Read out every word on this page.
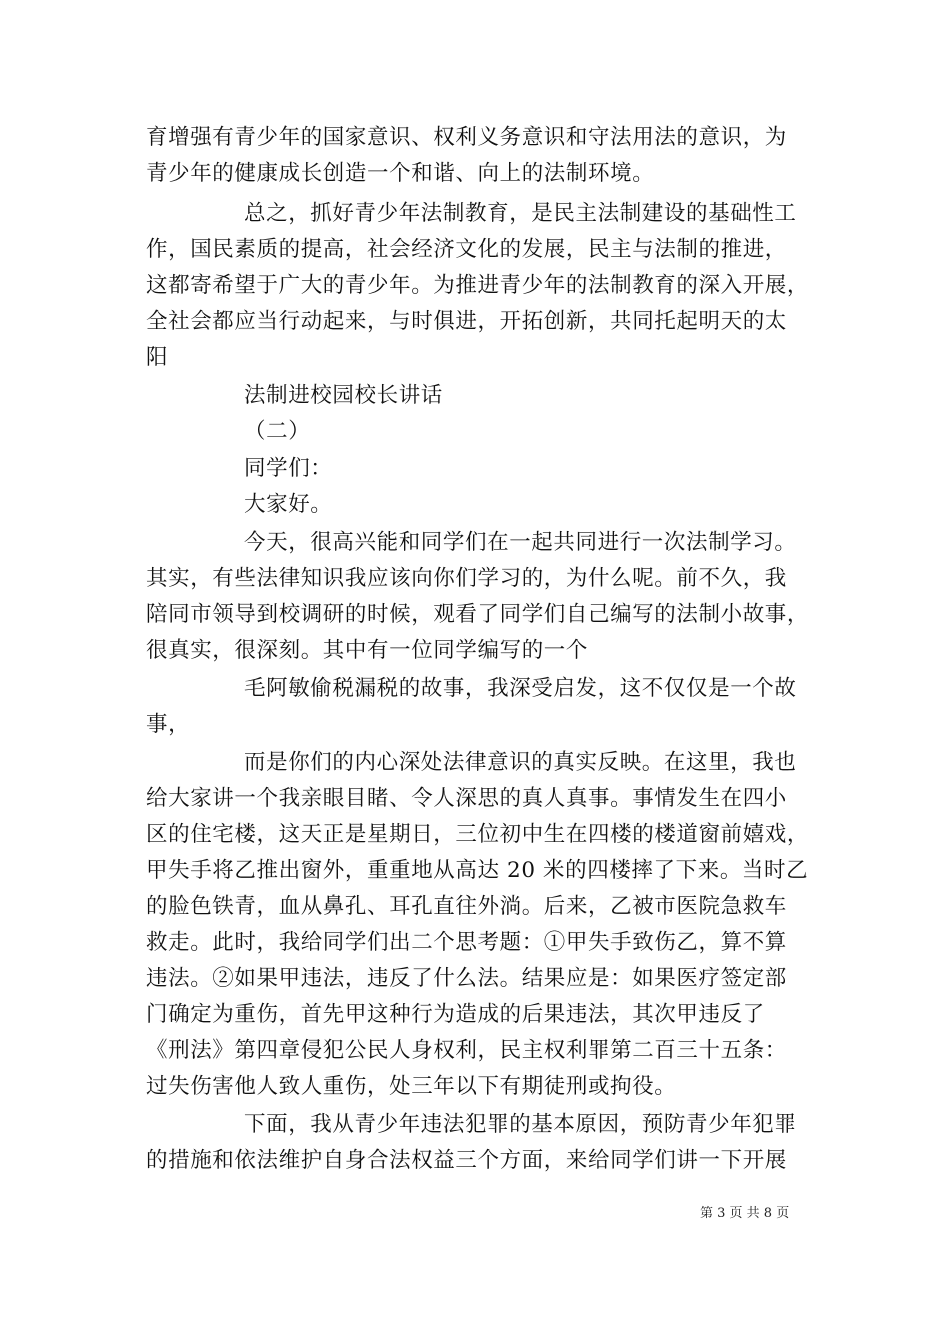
育增强有青少年的国家意识、权利义务意识和守法用法的意识，为
青少年的健康成长创造一个和谐、向上的法制环境。
总之，抓好青少年法制教育，是民主法制建设的基础性工
作，国民素质的提高，社会经济文化的发展，民主与法制的推进，
这都寄希望于广大的青少年。为推进青少年的法制教育的深入开展，
全社会都应当行动起来，与时俱进，开拓创新，共同托起明天的太
阳
法制进校园校长讲话
（二）
同学们：
大家好。
今天，很高兴能和同学们在一起共同进行一次法制学习。
其实，有些法律知识我应该向你们学习的，为什么呢。前不久，我
陪同市领导到校调研的时候，观看了同学们自己编写的法制小故事，
很真实，很深刻。其中有一位同学编写的一个
毛阿敏偷税漏税的故事，我深受启发，这不仅仅是一个故
事，
而是你们的内心深处法律意识的真实反映。在这里，我也
给大家讲一个我亲眼目睹、令人深思的真人真事。事情发生在四小
区的住宅楼，这天正是星期日，三位初中生在四楼的楼道窗前嬉戏，
甲失手将乙推出窗外，重重地从高达 20 米的四楼摔了下来。当时乙
的脸色铁青，血从鼻孔、耳孔直往外淌。后来，乙被市医院急救车
救走。此时，我给同学们出二个思考题：①甲失手致伤乙，算不算
违法。②如果甲违法，违反了什么法。结果应是：如果医疗签定部
门确定为重伤，首先甲这种行为造成的后果违法，其次甲违反了
《刑法》第四章侵犯公民人身权利，民主权利罪第二百三十五条：
过失伤害他人致人重伤，处三年以下有期徒刑或拘役。
下面，我从青少年违法犯罪的基本原因，预防青少年犯罪
的措施和依法维护自身合法权益三个方面，来给同学们讲一下开展
第 3 页 共 8 页
